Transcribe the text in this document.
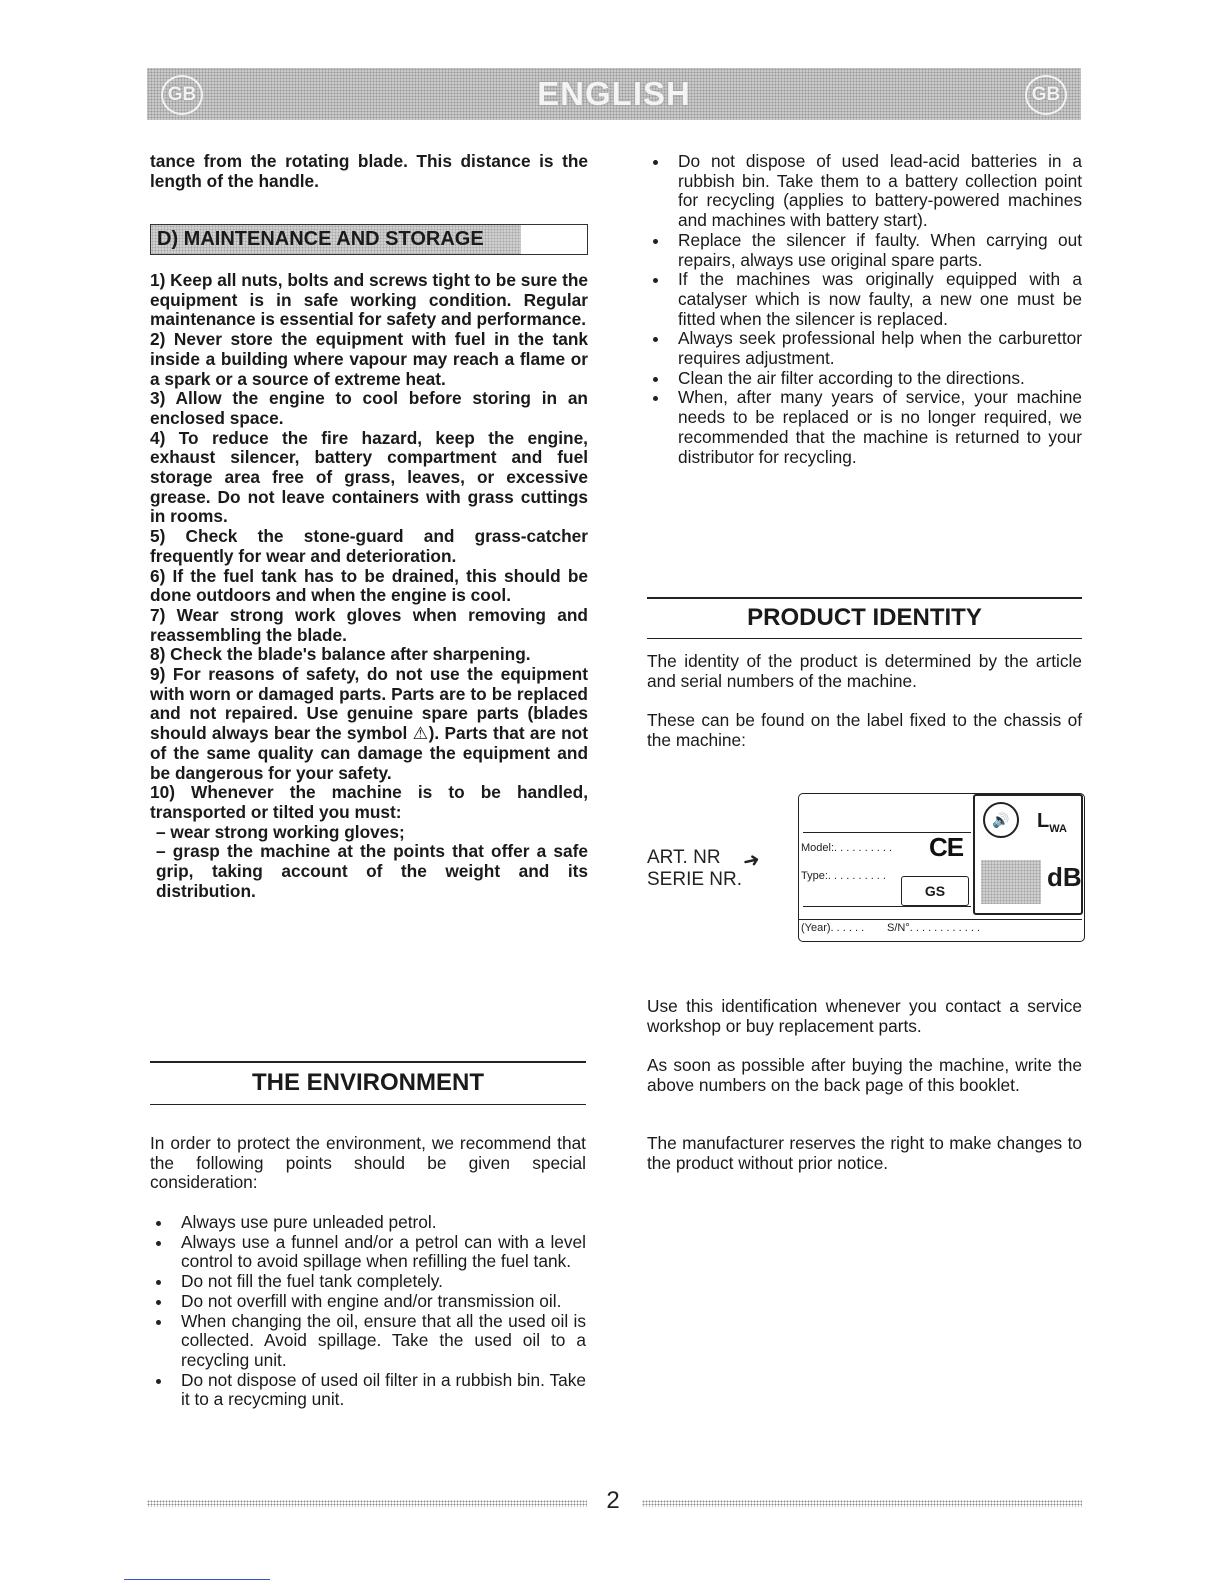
GB	ENGLISH	GB

tance from the rotating blade. This distance is the length of the handle.

D) MAINTENANCE AND STORAGE

1) Keep all nuts, bolts and screws tight to be sure the equipment is in safe working condition. Regular maintenance is essential for safety and performance.

2) Never store the equipment with fuel in the tank inside a building where vapour may reach a flame or a spark or a source of extreme heat.

3) Allow the engine to cool before storing in an enclosed space.

4) To reduce the fire hazard, keep the engine, exhaust silencer, battery compartment and fuel storage area free of grass, leaves, or excessive grease. Do not leave containers with grass cuttings in rooms.

5) Check the stone-guard and grass-catcher frequently for wear and deterioration.

6) If the fuel tank has to be drained, this should be done outdoors and when the engine is cool.

7) Wear strong work gloves when removing and reassembling the blade.

8) Check the blade's balance after sharpening.

9) For reasons of safety, do not use the equipment with worn or damaged parts. Parts are to be replaced and not repaired. Use genuine spare parts (blades should always bear the symbol ⚠). Parts that are not of the same quality can damage the equipment and be dangerous for your safety.

10) Whenever the machine is to be handled, transported or tilted you must:

– wear strong working gloves;

– grasp the machine at the points that offer a safe grip, taking account of the weight and its distribution.

THE ENVIRONMENT

In order to protect the environment, we recommend that the following points should be given special consideration:

Always use pure unleaded petrol.
Always use a funnel and/or a petrol can with a level control to avoid spillage when refilling the fuel tank.
Do not fill the fuel tank completely.
Do not overfill with engine and/or transmission oil.
When changing the oil, ensure that all the used oil is collected. Avoid spillage. Take the used oil to a recycling unit.
Do not dispose of used oil filter in a rubbish bin. Take it to a recycming unit.
Do not dispose of used lead-acid batteries in a rubbish bin. Take them to a battery collection point for recycling (applies to battery-powered machines and machines with battery start).
Replace the silencer if faulty. When carrying out repairs, always use original spare parts.
If the machines was originally equipped with a catalyser which is now faulty, a new one must be fitted when the silencer is replaced.
Always seek professional help when the carburettor requires adjustment.
Clean the air filter according to the directions.
When, after many years of service, your machine needs to be replaced or is no longer required, we recommended that the machine is returned to your distributor for recycling.
PRODUCT IDENTITY

The identity of the product is determined by the article and serial numbers of the machine.

These can be found on the label fixed to the chassis of the machine:

ART. NR
SERIE NR.
➜
Model:. . . . . . . . . . CE
Type:. . . . . . . . . .
(Year). . . . . . S/N°. . . . . . . . . . . .
GS
🔊	$L_{WA}$
dB

Use this identification whenever you contact a service workshop or buy replacement parts.

As soon as possible after buying the machine, write the above numbers on the back page of this booklet.

The manufacturer reserves the right to make changes to the product without prior notice.

2
